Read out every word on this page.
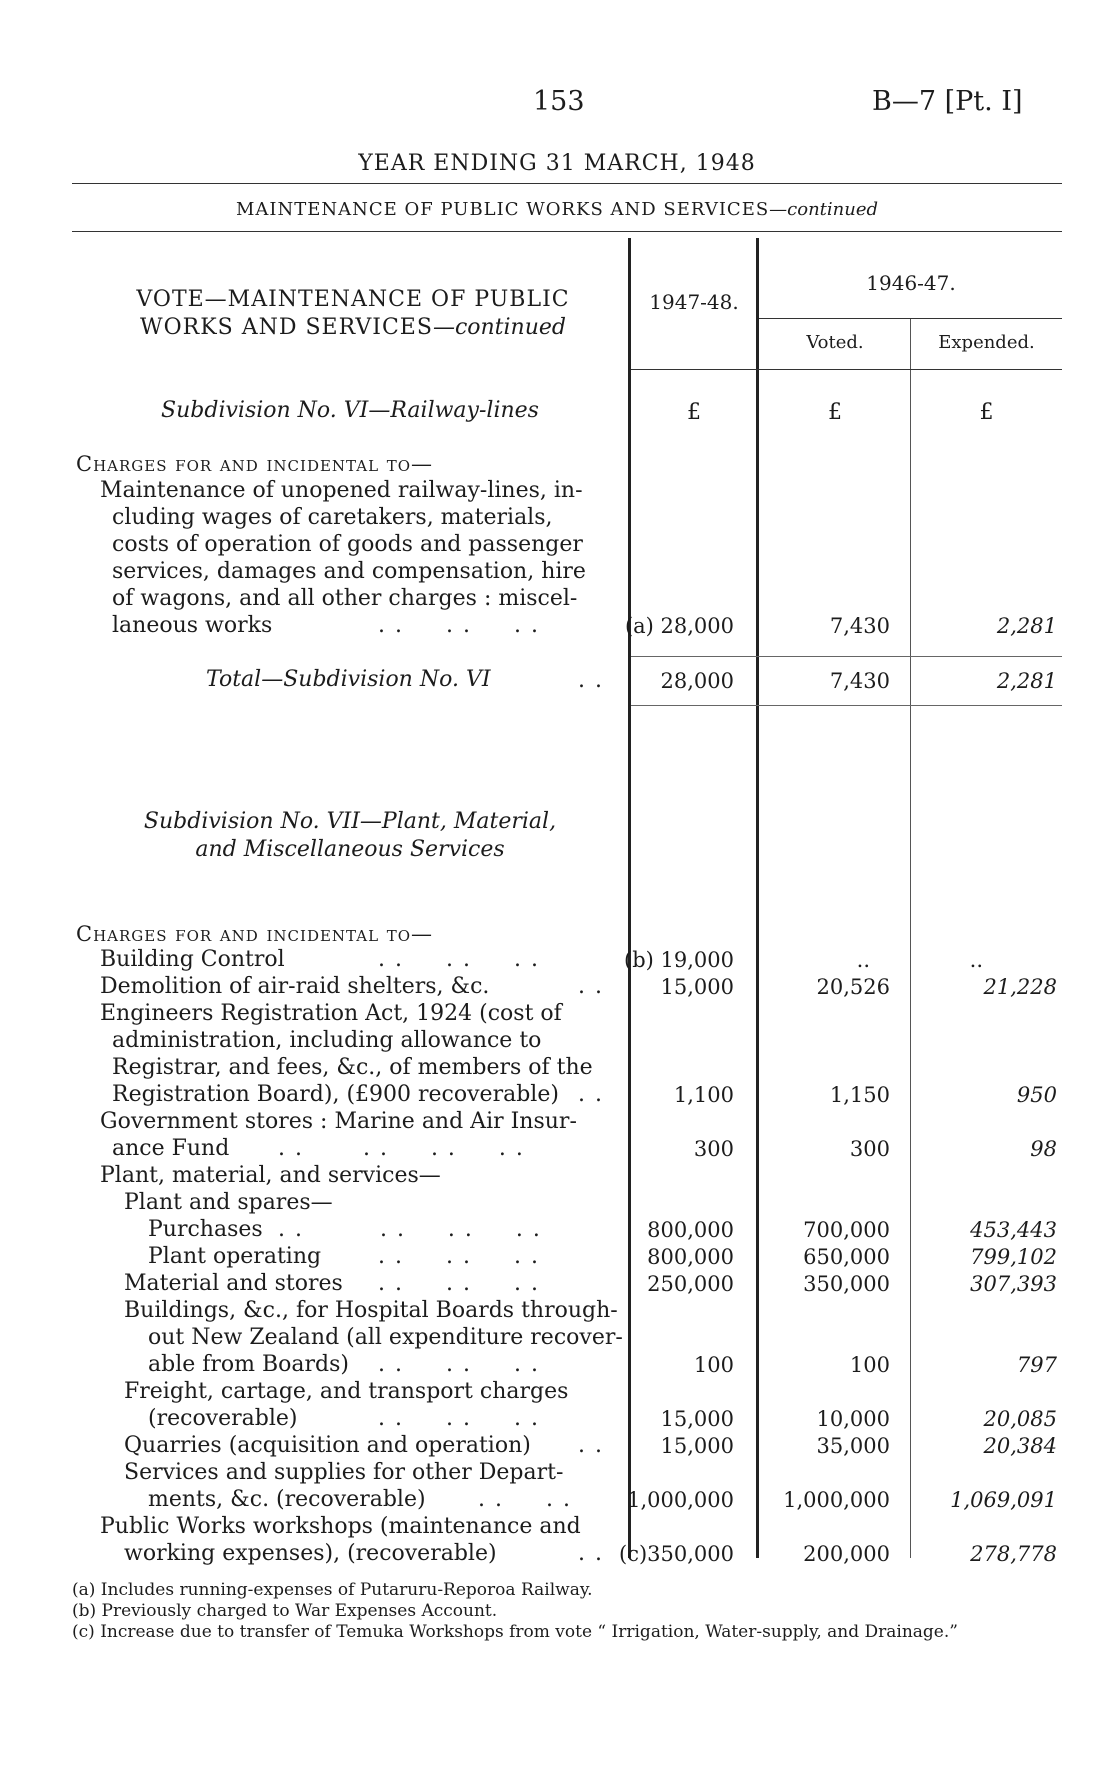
153	B—7 [Pt. I]
YEAR ENDING 31 MARCH, 1948
MAINTENANCE OF PUBLIC WORKS AND SERVICES—continued
VOTE—MAINTENANCE OF PUBLIC
WORKS AND SERVICES—continued
1947-48.
1946-47.
Voted.	Expended.
Subdivision No. VI—Railway-lines	£	£	£
Charges for and incidental to—
Maintenance of unopened railway-lines, in-
cluding wages of caretakers, materials,
costs of operation of goods and passenger
services, damages and compensation, hire
of wagons, and all other charges : miscel-
laneous works	..  ..  ..	(a) 28,000	7,430	2,281
Total—Subdivision No. VI	..	28,000	7,430	2,281
Subdivision No. VII—Plant, Material,
and Miscellaneous Services
Charges for and incidental to—
Building Control	..  ..  ..	(b) 19,000	..	..
Demolition of air-raid shelters, &c.	..	15,000	20,526	21,228
Engineers Registration Act, 1924 (cost of
administration, including allowance to
Registrar, and fees, &c., of members of the
Registration Board), (£900 recoverable) ..	1,100	1,150	950
Government stores : Marine and Air Insur-
ance Fund ..   ..  ..  ..	300	300	98
Plant, material, and services—
Plant and spares—
Purchases ..    ..  ..  ..	800,000	700,000	453,443
Plant operating	..  ..  ..	800,000	650,000	799,102
Material and stores ..  ..  ..	250,000	350,000	307,393
Buildings, &c., for Hospital Boards through-
out New Zealand (all expenditure recover-
able from Boards) ..  ..  ..	100	100	797
Freight, cartage, and transport charges
(recoverable)	..  ..  ..	15,000	10,000	20,085
Quarries (acquisition and operation) ..	15,000	35,000	20,384
Services and supplies for other Depart-
ments, &c. (recoverable) ..  ..	1,000,000	1,000,000	1,069,091
Public Works workshops (maintenance and
working expenses), (recoverable)	.. (c)350,000	200,000	278,778
(a) Includes running-expenses of Putaruru-Reporoa Railway.
(b) Previously charged to War Expenses Account.
(c) Increase due to transfer of Temuka Workshops from vote “ Irrigation, Water-supply, and Drainage.”
